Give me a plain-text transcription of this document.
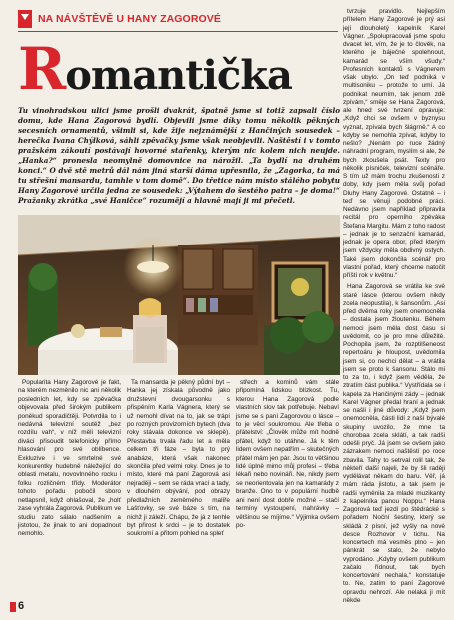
NA NÁVŠTĚVĚ U HANY ZAGOROVÉ
Romantička
Tu vinohradskou ulici jsme prošli dvakrát, špatně jsme si totiž zapsali číslo domu, kde Hana Zagorová bydlí. Objevili jsme díky tomu několik pěkných secesních ornamentů, všimli si, kde žije nejznámější z Hančiných sousedek – herečka Ivana Chýlková, sáhli zpěvačky jsme však neobjevili. Naštěstí i v tomto pražském zákoutí postávají hovorné stařenky, kterým nic kolem nich neujde. „Hanka?“ pronesla neomylně domovnice na nárožil. „Ta bydlí na druhém konci.“ O dvě stě metrů dál nám jiná starší dáma upřesnila, že „Zagorka, ta má tu střešní mansardu, tamhle v tom domě“. Do třetice nám místo stálého pobytu Hany Zagorové určila jedna ze sousedek: „Výtahem do šestého patra – je doma!“ Pražanky zkrátka „své Haničce“ rozumějí a hlavně mají ji mi přečetl.

tvrzuje pravidlo. Nejlepším přítelem Hany Zagorové je prý asi její dlouholetý kapelník Karel Vágner. „Spolupracovali jsme spolu dvacet let, vím, že je to člověk, na kterého je báječné spolehnout, kamarád se vším všudy.“ Profesních kontaktů s Vágnerem však ubylo. „On teď podniká v multisoniku – protože to umí. Já podnikat neumím, tak jenom zdě zpívám,“ směje se Hana Zagorová, ale hned své tvrzení opravuje: „Když chci se ovšem v byznysu vyznat, zpívala bych šlágrně.“ A co kdyby se nemohla zpívat, kdyby to nešlo? „Nenám po ruce žádný náhradní program, myslím si ale, že bych zkoušela psát. Texty pro několik písniček, televizní scénáře. S tím už mám trochu zkušenosti z doby, kdy jsem měla svůj pořad Dluhy Hany Zagorové. Ostatně – i teď se věnuji podobné práci. Nedávno jsem například připravila recitál pro operního zpěváka Štefana Margitu. Mám z toho radost – jednak je to senzační kamarád, jednak je opera obor, před kterým jsem vždycky měla obdivný ostych. Také jsem dokončila scénář pro vlastní pořad, který chceme natočit příští rok v květnu.“

Hana Zagorová se vrátila ke své staré lásce (kterou ovšem nikdy zcela neopustila), k šansonům. „Asi před dvěma roky jsem onemocněla – dostala jsem žloutenku. Během nemoci jsem měla dost času si uvědomit, co je pro mne důležité. Pochopila jsem, že rozptilšeneost repertoáru je hloupost, uvědomila jsem si, co nechci dělat – a vrátila jsem se proto k šansonu. Stálo mi to za to, i když jsem věděla, že ztratím část publika.“ Vystřídala se i kapela za Hančinými zády – jednak Karel Vágner předal hraní a jednak se našli i jiné důvody: „Když jsem onemocněla, části lidí z naší bývalé skupiny uvozilo, že mne ta chorobaa zcela sklátí, a tak radši odešli pryč. Já jsem se ovšem jako zázrakem nemoci naštěstí po roce zbavila. Tahy to setrval rolil tak, že někteří další najeli, že by šli raději vydělávat někam do baru. Věř, já mám ráda jistotu, a tak jsem je radši vyměnila za mladé muzikanty z kapelníka panou Noppu.“ Hana Zagorová teď jezdí po štědrácké s pořadem Noční šestiny, který se skládá z písní, jež vyšly na nové desce Rozhovor v tichu. Na koncertech má vesměs plno – jen pánkrát se stalo, že nebylo vyprodáno. „Kdyby ovšem publikum začalo řídnout, tak bych koncertování nechala,“ konstatuje to. Ne, zatím to paní Zagorové opravdu nehrozí. Ale nelaká ji mít někde

Popularita Hany Zagorové je fakt, na kterém nezměnilo nic ani několik posledních let, kdy se zpěvačka objevovala před širokým publikem poněkud sporadičtěji. Potvrdila to i nedávná televizní soutěž „bez rozdílu vah“, v níž měli televizní diváci přisoudit telefonicky přímo hlasování pro své oblíbence. Exkluzive i ve smrtelné své konkurentky hudebně náležející do oblasti metalu, novovlnného rocku i folku rozličném třídy. Moderátor tohoto pořadu pobočil sboro netlapsníl, když ohlašoval, že „holť zase vyhrála Zagorová. Publikum ve studiu zato sálalo nadšením a jistotou, že jinak to ani dopadnout nemohlo.

Ta mansarda je pěkný půdní byt – Hanka jej získala původně jako družstevní dvougarsonku s přispěním Karla Vágnera, který se už nemohl dívat na to, jak se trápí po rozných provizorních bytech (dva roky stávala dokonce ve sklepě). Přestavba trvala řadu let a měla celkem tři fáze – byla to prý anabáze, která však nakonec skončila před velmi roky. Dnes je to místo, které má paní Zagorová asi nejraději – sem se ráda vrací a tady, v dlouhém obývání, pod obrazy předlažních zeměmého malíře Lašťovky, se své báze s tím, na nichž ji záleží. Chápu, že já z tenhle byt přirost k srdci – je to dostatek soukromí a přitom pohled na spleť

střech a komínů vám stále připomíná lidskou blízkost. Tu, kterou Hana Zagorová podle vlastních slov tak potřebuje. Nebaví jsme se s paní Zagorovou o lásce – to je věcí soukromou. Ale třeba o přátelství: „Člověk může mít hodně přátel, když to utáhne. Já k těm lidem ovšem nepatřím – skutečných přátel mám jen pár. Jsou to většinou lidé úplně mimo můj profesi – třeba lékaři nebo novináři. Ne, nikdy jsem se neorientovala jen na kamarády z branže. Ono to v populární hudbě ani není dost dobře možné – stačí termíny vystoupení, nahrávky – většinou se míjíme.“ Výjimka ovšem po-

6
